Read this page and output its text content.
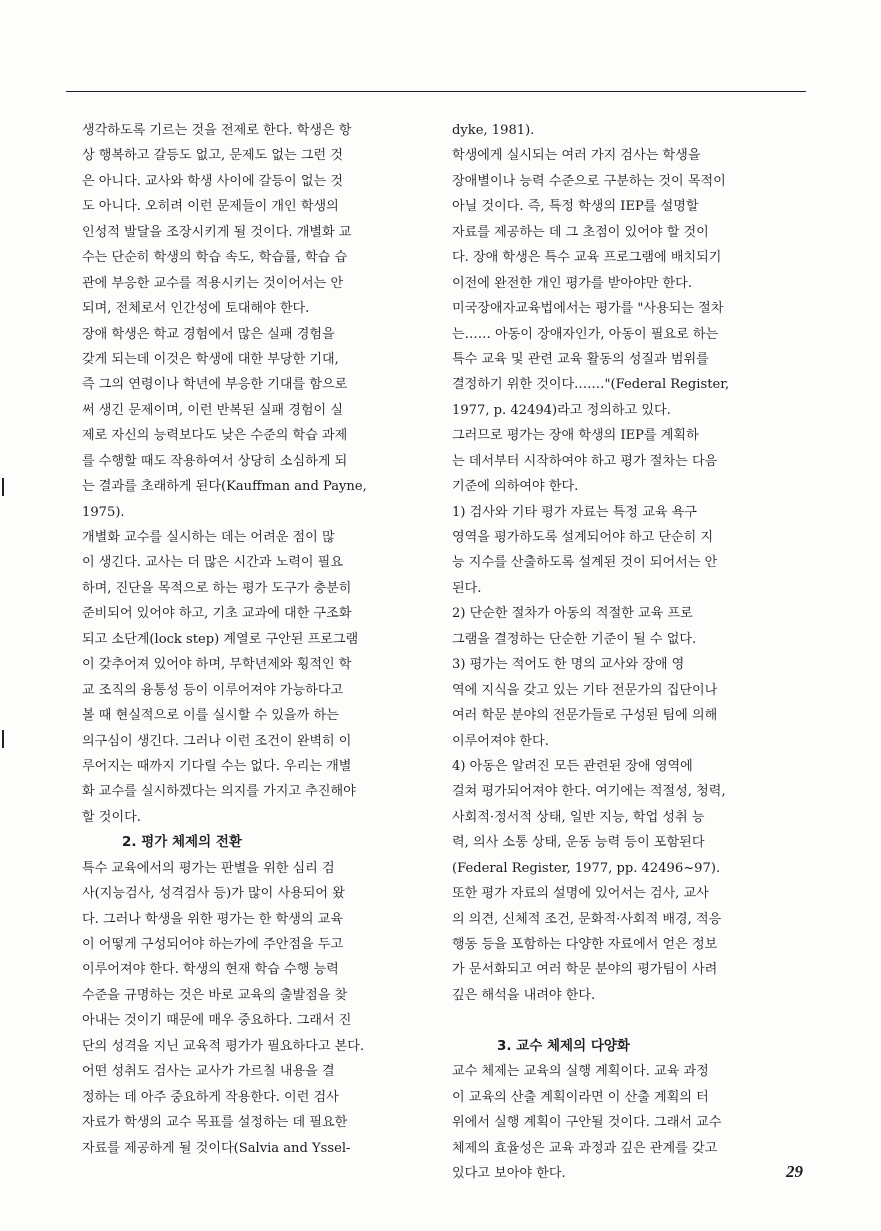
생각하도록 기르는 것을 전제로 한다. 학생은 항
상 행복하고 갈등도 없고, 문제도 없는 그런 것
은 아니다. 교사와 학생 사이에 갈등이 없는 것
도 아니다. 오히려 이런 문제들이 개인 학생의
인성적 발달을 조장시키게 될 것이다. 개별화 교
수는 단순히 학생의 학습 속도, 학습률, 학습 습
관에 부응한 교수를 적용시키는 것이어서는 안
되며, 전체로서 인간성에 토대해야 한다.
장애 학생은 학교 경험에서 많은 실패 경험을
갖게 되는데 이것은 학생에 대한 부당한 기대,
즉 그의 연령이나 학년에 부응한 기대를 함으로
써 생긴 문제이며, 이런 반복된 실패 경험이 실
제로 자신의 능력보다도 낮은 수준의 학습 과제
를 수행할 때도 작용하여서 상당히 소심하게 되
는 결과를 초래하게 된다(Kauffman and Payne,
1975).
개별화 교수를 실시하는 데는 어려운 점이 많
이 생긴다. 교사는 더 많은 시간과 노력이 필요
하며, 진단을 목적으로 하는 평가 도구가 충분히
준비되어 있어야 하고, 기초 교과에 대한 구조화
되고 소단계(lock step) 계열로 구안된 프로그램
이 갖추어져 있어야 하며, 무학년제와 횡적인 학
교 조직의 융통성 등이 이루어져야 가능하다고
볼 때 현실적으로 이를 실시할 수 있을까 하는
의구심이 생긴다. 그러나 이런 조건이 완벽히 이
루어지는 때까지 기다릴 수는 없다. 우리는 개별
화 교수를 실시하겠다는 의지를 가지고 추진해야
할 것이다.
2. 평가 체제의 전환
특수 교육에서의 평가는 판별을 위한 심리 검
사(지능검사, 성격검사 등)가 많이 사용되어 왔
다. 그러나 학생을 위한 평가는 한 학생의 교육
이 어떻게 구성되어야 하는가에 주안점을 두고
이루어져야 한다. 학생의 현재 학습 수행 능력
수준을 규명하는 것은 바로 교육의 출발점을 찾
아내는 것이기 때문에 매우 중요하다. 그래서 진
단의 성격을 지닌 교육적 평가가 필요하다고 본다.
어떤 성취도 검사는 교사가 가르칠 내용을 결
정하는 데 아주 중요하게 작용한다. 이런 검사
자료가 학생의 교수 목표를 설정하는 데 필요한
자료를 제공하게 될 것이다(Salvia and Yssel-
dyke, 1981).
학생에게 실시되는 여러 가지 검사는 학생을
장애별이나 능력 수준으로 구분하는 것이 목적이
아닐 것이다. 즉, 특정 학생의 IEP를 설명할
자료를 제공하는 데 그 초점이 있어야 할 것이
다. 장애 학생은 특수 교육 프로그램에 배치되기
이전에 완전한 개인 평가를 받아야만 한다.
미국장애자교육법에서는 평가를 "사용되는 절차
는…… 아동이 장애자인가, 아동이 필요로 하는
특수 교육 및 관련 교육 활동의 성질과 범위를
결정하기 위한 것이다.……"(Federal Register,
1977, p. 42494)라고 정의하고 있다.
그러므로 평가는 장애 학생의 IEP를 계획하
는 데서부터 시작하여야 하고 평가 절차는 다음
기준에 의하여야 한다.
1) 검사와 기타 평가 자료는 특정 교육 욕구
영역을 평가하도록 설계되어야 하고 단순히 지
능 지수를 산출하도록 설계된 것이 되어서는 안
된다.
2) 단순한 절차가 아동의 적절한 교육 프로
그램을 결정하는 단순한 기준이 될 수 없다.
3) 평가는 적어도 한 명의 교사와 장애 영
역에 지식을 갖고 있는 기타 전문가의 집단이나
여러 학문 분야의 전문가들로 구성된 팀에 의해
이루어져야 한다.
4) 아동은 알려진 모든 관련된 장애 영역에
걸쳐 평가되어져야 한다. 여기에는 적절성, 청력,
사회적·정서적 상태, 일반 지능, 학업 성취 능
력, 의사 소통 상태, 운동 능력 등이 포함된다
(Federal Register, 1977, pp. 42496~97).
또한 평가 자료의 설명에 있어서는 검사, 교사
의 의견, 신체적 조건, 문화적·사회적 배경, 적응
행동 등을 포함하는 다양한 자료에서 얻은 정보
가 문서화되고 여러 학문 분야의 평가팀이 사려
깊은 해석을 내려야 한다.
3. 교수 체제의 다양화
교수 체제는 교육의 실행 계획이다. 교육 과정
이 교육의 산출 계획이라면 이 산출 계획의 터
위에서 실행 계획이 구안될 것이다. 그래서 교수
체제의 효율성은 교육 과정과 깊은 관계를 갖고
있다고 보아야 한다.	29
